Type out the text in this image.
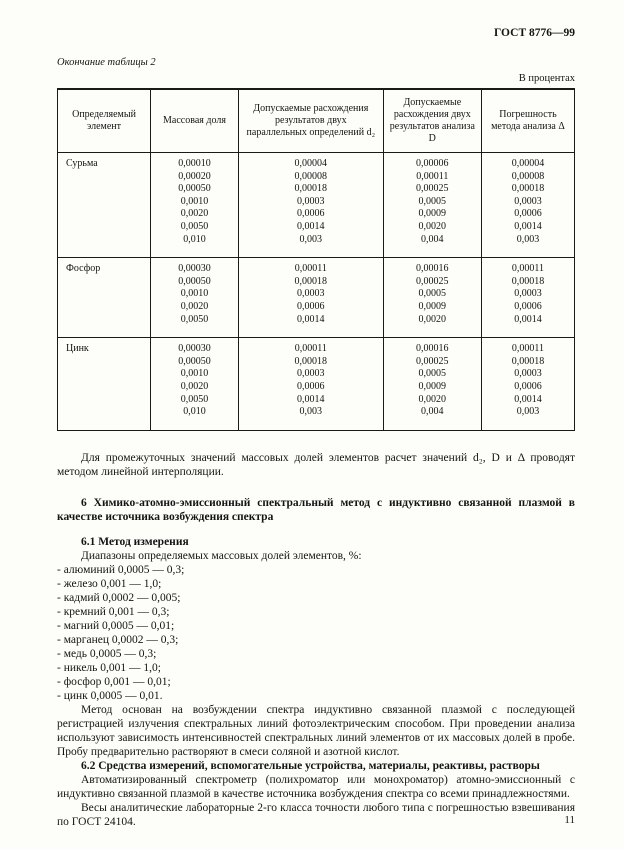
ГОСТ 8776—99
Окончание таблицы 2
В процентах
Определяемый элемент	Массовая доля	Допускаемые расхождения результатов двух параллельных определений d₂	Допускаемые расхождения двух результатов анализа D	Погрешность метода анализа Δ
Сурьма	0,00010	0,00004	0,00006	0,00004
	0,00020	0,00008	0,00011	0,00008
	0,00050	0,00018	0,00025	0,00018
	0,0010	0,0003	0,0005	0,0003
	0,0020	0,0006	0,0009	0,0006
	0,0050	0,0014	0,0020	0,0014
	0,010	0,003	0,004	0,003
Фосфор	0,00030	0,00011	0,00016	0,00011
	0,00050	0,00018	0,00025	0,00018
	0,0010	0,0003	0,0005	0,0003
	0,0020	0,0006	0,0009	0,0006
	0,0050	0,0014	0,0020	0,0014
Цинк	0,00030	0,00011	0,00016	0,00011
	0,00050	0,00018	0,00025	0,00018
	0,0010	0,0003	0,0005	0,0003
	0,0020	0,0006	0,0009	0,0006
	0,0050	0,0014	0,0020	0,0014
	0,010	0,003	0,004	0,003

Для промежуточных значений массовых долей элементов расчет значений d₂, D и Δ проводят методом линейной интерполяции.

6 Химико-атомно-эмиссионный спектральный метод с индуктивно связанной плазмой в качестве источника возбуждения спектра

6.1 Метод измерения

Диапазоны определяемых массовых долей элементов, %:

- алюминий 0,0005 — 0,3;
- железо 0,001 — 1,0;
- кадмий 0,0002 — 0,005;
- кремний 0,001 — 0,3;
- магний 0,0005 — 0,01;
- марганец 0,0002 — 0,3;
- медь 0,0005 — 0,3;
- никель 0,001 — 1,0;
- фосфор 0,001 — 0,01;
- цинк 0,0005 — 0,01.

Метод основан на возбуждении спектра индуктивно связанной плазмой с последующей регистрацией излучения спектральных линий фотоэлектрическим способом. При проведении анализа используют зависимость интенсивностей спектральных линий элементов от их массовых долей в пробе. Пробу предварительно растворяют в смеси соляной и азотной кислот.

6.2 Средства измерений, вспомогательные устройства, материалы, реактивы, растворы

Автоматизированный спектрометр (полихроматор или монохроматор) атомно-эмиссионный с индуктивно связанной плазмой в качестве источника возбуждения спектра со всеми принадлежностями.

Весы аналитические лабораторные 2-го класса точности любого типа с погрешностью взвешивания по ГОСТ 24104.	11
